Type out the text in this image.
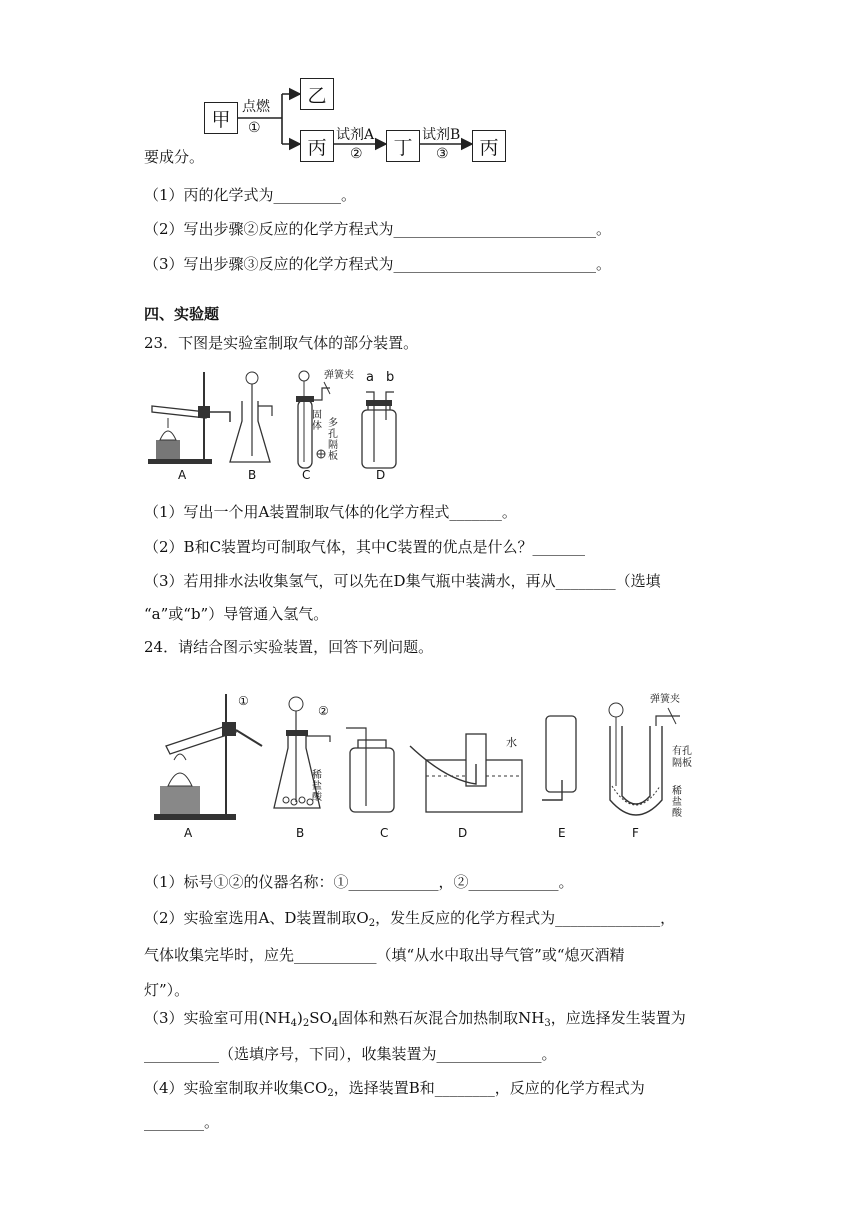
甲
乙
丙	丁	丙
点燃
①	试剂A
②
试剂B
③
要成分。
（1）丙的化学式为_________。
（2）写出步骤②反应的化学方程式为___________________________。
（3）写出步骤③反应的化学方程式为___________________________。
四、实验题
23．下图是实验室制取气体的部分装置。
弹簧夹
固体 多孔隔板
a b
A	B	C	D
（1）写出一个用A装置制取气体的化学方程式_______。
（2）B和C装置均可制取气体，其中C装置的优点是什么？_______
（3）若用排水法收集氢气，可以先在D集气瓶中装满水，再从________（选填
“a”或“b”）导管通入氢气。
24．请结合图示实验装置，回答下列问题。
①
②
稀盐酸
水
弹簧夹
有孔隔板
稀盐酸
A	B	C	D	E	F
（1）标号①②的仪器名称：①____________，②____________。
（2）实验室选用A、D装置制取$O_2$，发生反应的化学方程式为______________，
气体收集完毕时，应先___________（填“从水中取出导气管”或“熄灭酒精
灯”）。
（3）实验室可用$(NH_4)_2SO_4$固体和熟石灰混合加热制取$NH_3$，应选择发生装置为
__________（选填序号，下同），收集装置为______________。
（4）实验室制取并收集$CO_2$，选择装置B和________，反应的化学方程式为
________。
